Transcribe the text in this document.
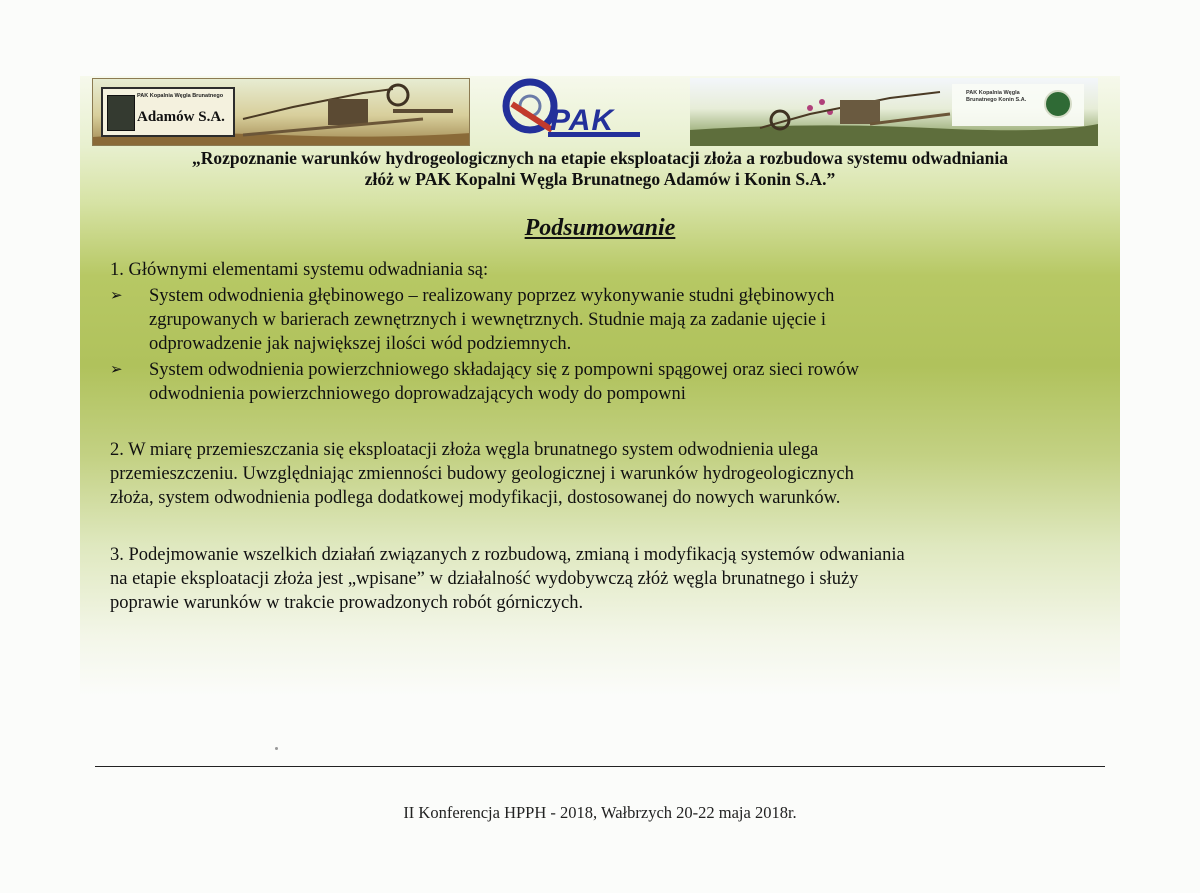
PAK Kopalnia Węgla Brunatnego
Adamów S.A.	PAK
PAK Kopalnia Węgla Brunatnego Konin S.A.
„Rozpoznanie warunków hydrogeologicznych na etapie eksploatacji złoża a rozbudowa systemu odwadniania
złóż w PAK Kopalni Węgla Brunatnego Adamów i Konin S.A.”
Podsumowanie

1. Głównymi elementami systemu odwadniania są:

➢ System odwodnienia głębinowego – realizowany poprzez wykonywanie studni głębinowych
zgrupowanych w barierach zewnętrznych i wewnętrznych. Studnie mają za zadanie ujęcie i
odprowadzenie jak największej ilości wód podziemnych.
➢ System odwodnienia powierzchniowego składający się z pompowni spągowej oraz sieci rowów
odwodnienia powierzchniowego doprowadzających wody do pompowni

2. W miarę przemieszczania się eksploatacji złoża węgla brunatnego system odwodnienia ulega
przemieszczeniu. Uwzględniając zmienności budowy geologicznej i warunków hydrogeologicznych
złoża, system odwodnienia podlega dodatkowej modyfikacji, dostosowanej do nowych warunków.

3. Podejmowanie wszelkich działań związanych z rozbudową, zmianą i modyfikacją systemów odwaniania
na etapie eksploatacji złoża jest „wpisane” w działalność wydobywczą złóż węgla brunatnego i służy
poprawie warunków w trakcie prowadzonych robót górniczych.

II Konferencja HPPH - 2018, Wałbrzych 20-22 maja 2018r.
